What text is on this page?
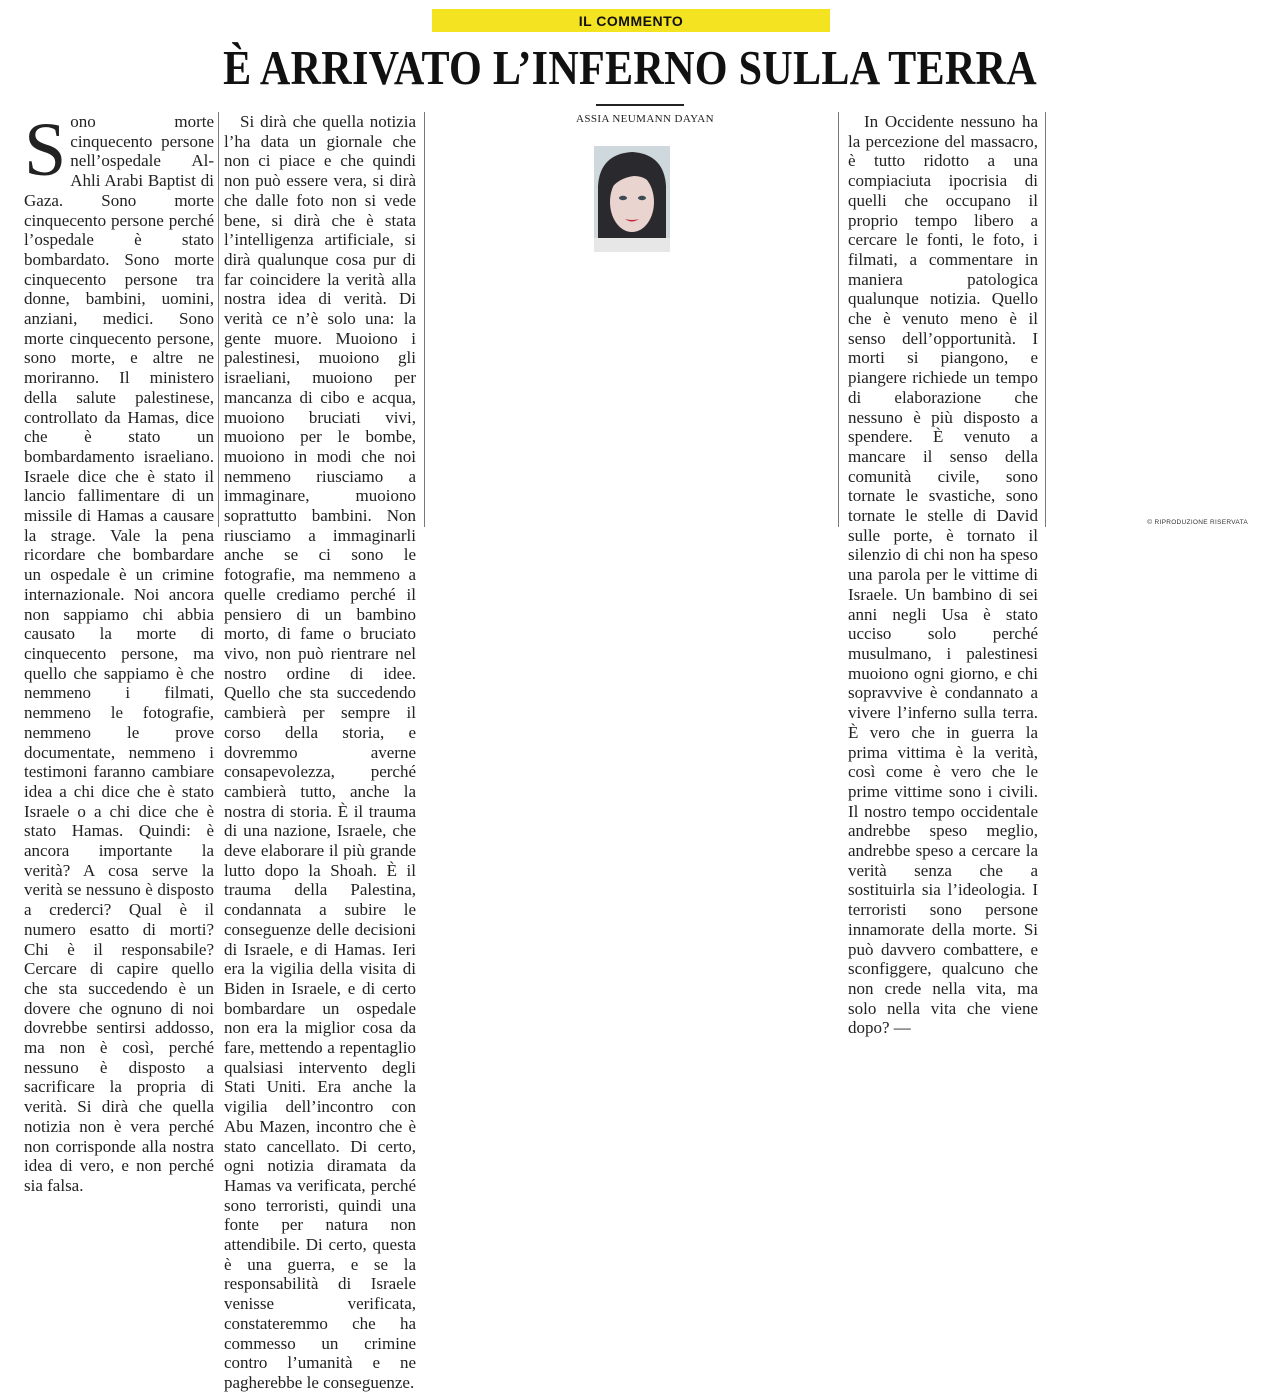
IL COMMENTO
È ARRIVATO L’INFERNO SULLA TERRA
ASSIA NEUMANN DAYAN

Sono morte cinquecento persone nell’ospedale Al-Ahli Arabi Baptist di Gaza. Sono morte cinquecento persone perché l’ospedale è stato bombardato. Sono morte cinquecento persone tra donne, bambini, uomini, anziani, medici. Sono morte cinquecento persone, sono morte, e altre ne moriranno. Il ministero della salute palestinese, controllato da Hamas, dice che è stato un bombardamento israeliano. Israele dice che è stato il lancio fallimentare di un missile di Hamas a causare la strage. Vale la pena ricordare che bombardare un ospedale è un crimine internazionale. Noi ancora non sappiamo chi abbia causato la morte di cinquecento persone, ma quello che sappiamo è che nemmeno i filmati, nemmeno le fotografie, nemmeno le prove documentate, nemmeno i testimoni faranno cambiare idea a chi dice che è stato Israele o a chi dice che è stato Hamas. Quindi: è ancora importante la verità? A cosa serve la verità se nessuno è disposto a crederci? Qual è il numero esatto di morti? Chi è il responsabile? Cercare di capire quello che sta succedendo è un dovere che ognuno di noi dovrebbe sentirsi addosso, ma non è così, perché nessuno è disposto a sacrificare la propria di verità. Si dirà che quella notizia non è vera perché non corrisponde alla nostra idea di vero, e non perché sia falsa.

Si dirà che quella notizia l’ha data un giornale che non ci piace e che quindi non può essere vera, si dirà che dalle foto non si vede bene, si dirà che è stata l’intelligenza artificiale, si dirà qualunque cosa pur di far coincidere la verità alla nostra idea di verità. Di verità ce n’è solo una: la gente muore. Muoiono i palestinesi, muoiono gli israeliani, muoiono per mancanza di cibo e acqua, muoiono bruciati vivi, muoiono per le bombe, muoiono in modi che noi nemmeno riusciamo a immaginare, muoiono soprattutto bambini. Non riusciamo a immaginarli anche se ci sono le fotografie, ma nemmeno a quelle crediamo perché il pensiero di un bambino morto, di fame o bruciato vivo, non può rientrare nel nostro ordine di idee. Quello che sta succedendo cambierà per sempre il corso della storia, e dovremmo averne consapevolezza, perché cambierà tutto, anche la nostra di storia. È il trauma di una nazione, Israele, che deve elaborare il più grande lutto dopo la Shoah. È il trauma della Palestina, condannata a subire le conseguenze delle decisioni di Israele, e di Hamas. Ieri era la vigilia della visita di Biden in Israele, e di certo bombardare un ospedale non era la miglior cosa da fare, mettendo a repentaglio qualsiasi intervento degli Stati Uniti. Era anche la vigilia dell’incontro con Abu Mazen, incontro che è stato cancellato. Di certo, ogni notizia diramata da Hamas va verificata, perché sono terroristi, quindi una fonte per natura non attendibile. Di certo, questa è una guerra, e se la responsabilità di Israele venisse verificata, constateremmo che ha commesso un crimine contro l’umanità e ne pagherebbe le conseguenze.

In Occidente nessuno ha la percezione del massacro, è tutto ridotto a una compiaciuta ipocrisia di quelli che occupano il proprio tempo libero a cercare le fonti, le foto, i filmati, a commentare in maniera patologica qualunque notizia. Quello che è venuto meno è il senso dell’opportunità. I morti si piangono, e piangere richiede un tempo di elaborazione che nessuno è più disposto a spendere. È venuto a mancare il senso della comunità civile, sono tornate le svastiche, sono tornate le stelle di David sulle porte, è tornato il silenzio di chi non ha speso una parola per le vittime di Israele. Un bambino di sei anni negli Usa è stato ucciso solo perché musulmano, i palestinesi muoiono ogni giorno, e chi sopravvive è condannato a vivere l’inferno sulla terra. È vero che in guerra la prima vittima è la verità, così come è vero che le prime vittime sono i civili. Il nostro tempo occidentale andrebbe speso meglio, andrebbe speso a cercare la verità senza che a sostituirla sia l’ideologia. I terroristi sono persone innamorate della morte. Si può davvero combattere, e sconfiggere, qualcuno che non crede nella vita, ma solo nella vita che viene dopo? —

© RIPRODUZIONE RISERVATA
